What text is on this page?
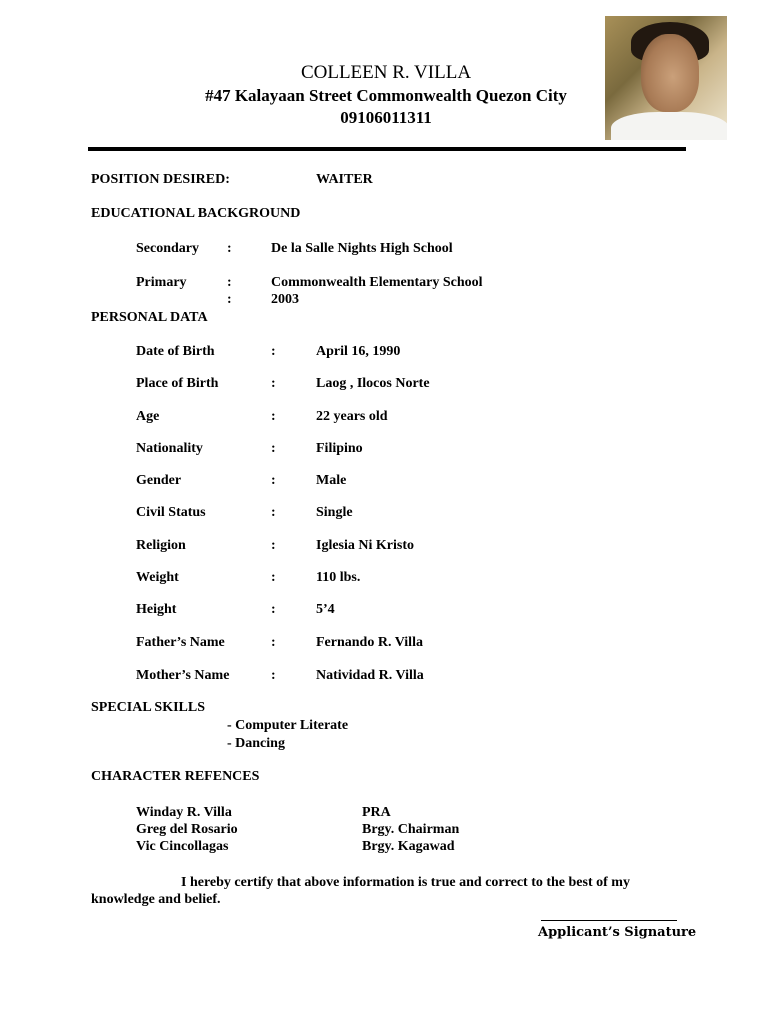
COLLEEN R. VILLA
#47 Kalayaan Street Commonwealth Quezon City
09106011311
POSITION DESIRED:	WAITER
EDUCATIONAL BACKGROUND
Secondary :	De la Salle Nights High School
Primary	:	Commonwealth Elementary School
:	2003
PERSONAL DATA
Date of Birth	:	April 16, 1990
Place of Birth	:	Laog , Ilocos Norte
Age	:	22 years old
Nationality	:	Filipino
Gender	:	Male
Civil Status	:	Single
Religion	:	Iglesia Ni Kristo
Weight	:	110 lbs.
Height	:	5’4
Father’s Name	:	Fernando R. Villa
Mother’s Name	:	Natividad R. Villa
SPECIAL SKILLS
- Computer Literate
- Dancing
CHARACTER REFENCES
Winday R. Villa	PRA
Greg del Rosario	Brgy. Chairman
Vic Cincollagas	Brgy. Kagawad
I hereby certify that above information is true and correct to the best of my
knowledge and belief.
Applicant’s Signature
